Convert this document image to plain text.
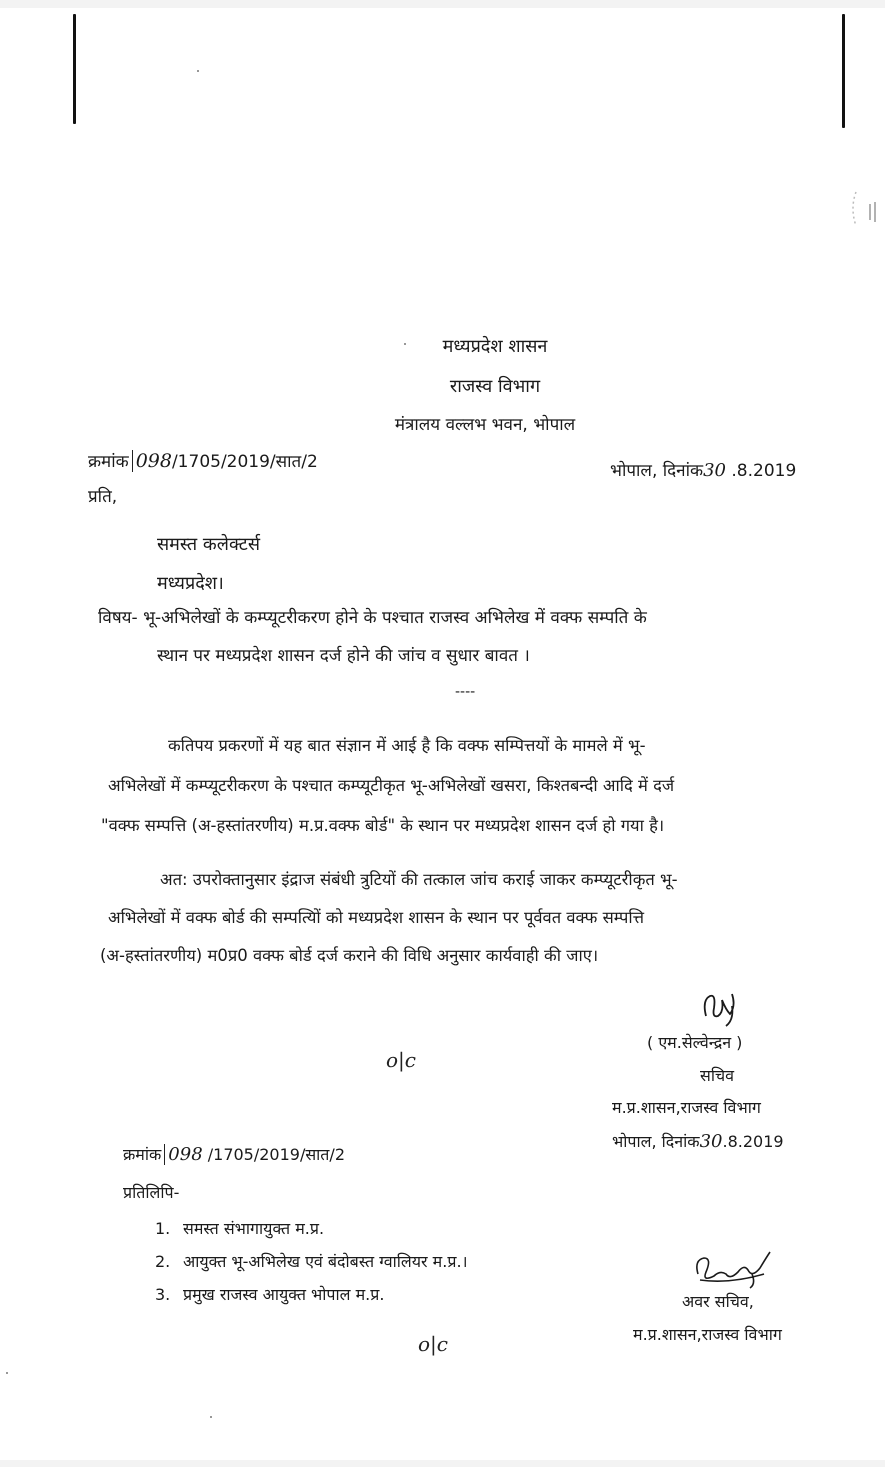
मध्यप्रदेश शासन
राजस्व विभाग
मंत्रालय वल्लभ भवन, भोपाल
क्रमांक 098/1705/2019/सात/2	भोपाल, दिनांक30 .8.2019
प्रति,
समस्त कलेक्टर्स
मध्यप्रदेश।
विषय- भू-अभिलेखों के कम्प्यूटरीकरण होने के पश्चात राजस्व अभिलेख में वक्फ सम्पति के
स्थान पर मध्यप्रदेश शासन दर्ज होने की जांच व सुधार बावत ।
----
कतिपय प्रकरणों में यह बात संज्ञान में आई है कि वक्फ सम्पित्तयों के मामले में भू-
अभिलेखों में कम्प्यूटरीकरण के पश्चात कम्प्यूटीकृत भू-अभिलेखों खसरा, किश्तबन्दी आदि में दर्ज
"वक्फ सम्पत्ति (अ-हस्तांतरणीय) म.प्र.वक्फ बोर्ड" के स्थान पर मध्यप्रदेश शासन दर्ज हो गया है।
अत: उपरोक्तानुसार इंद्राज संबंधी त्रुटियों की तत्काल जांच कराई जाकर कम्प्यूटरीकृत भू-
अभिलेखों में वक्फ बोर्ड की सम्पत्यिों को मध्यप्रदेश शासन के स्थान पर पूर्ववत वक्फ सम्पत्ति
(अ-हस्तांतरणीय) म0प्र0 वक्फ बोर्ड दर्ज कराने की विधि अनुसार कार्यवाही की जाए।
o|c
( एम.सेल्वेन्द्रन )
सचिव
म.प्र.शासन,राजस्व विभाग
भोपाल, दिनांक30.8.2019
क्रमांक 098 /1705/2019/सात/2
प्रतिलिपि-
1. समस्त संभागायुक्त म.प्र.
2. आयुक्त भू-अभिलेख एवं बंदोबस्त ग्वालियर म.प्र.।
3. प्रमुख राजस्व आयुक्त भोपाल म.प्र.	अवर सचिव,
म.प्र.शासन,राजस्व विभाग
o|c
